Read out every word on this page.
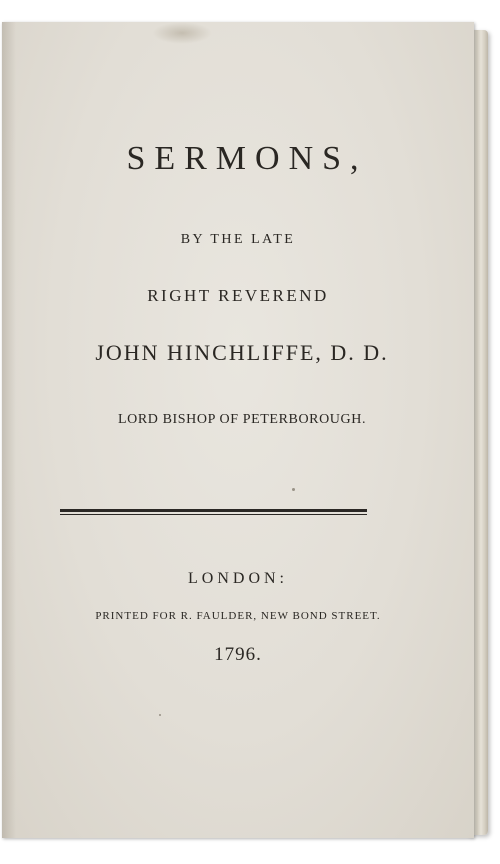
SERMONS,
BY THE LATE
RIGHT REVEREND
JOHN HINCHLIFFE, D. D.
LORD BISHOP OF PETERBOROUGH.
LONDON:
PRINTED FOR R. FAULDER, NEW BOND STREET.
1796.
